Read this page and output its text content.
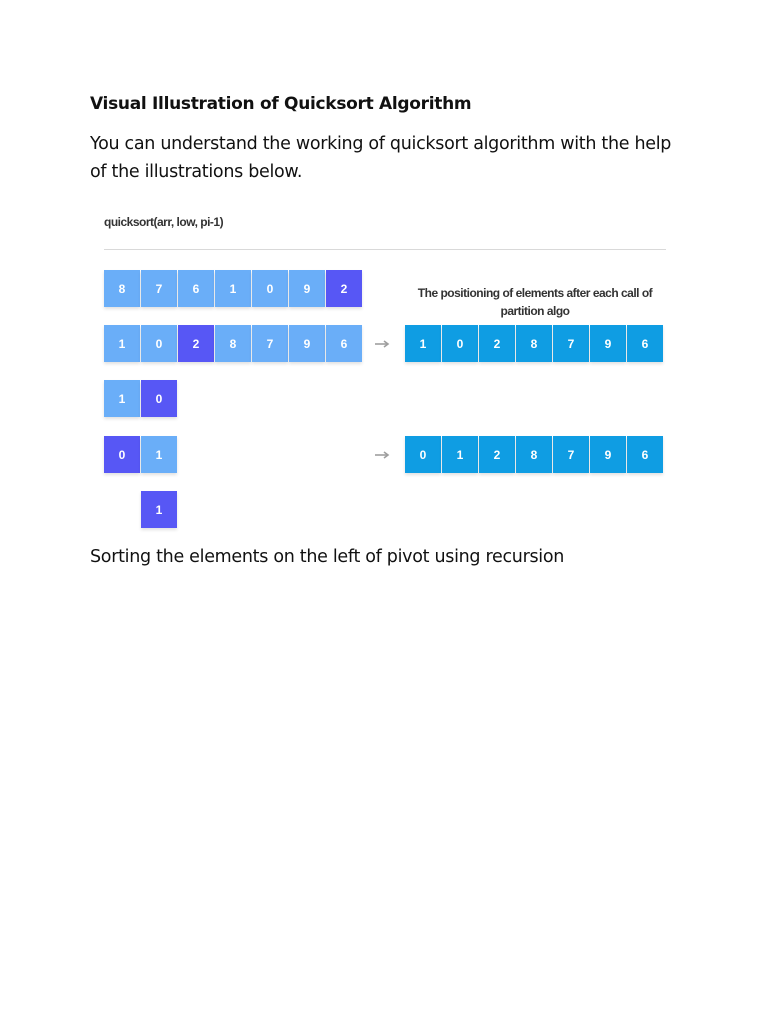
Visual Illustration of Quicksort Algorithm
You can understand the working of quicksort algorithm with the help of the illustrations below.
quicksort(arr, low, pi-1)
The positioning of elements after each call of partition algo
8	7	6	1	0	9	2
1	0	2	8	7	9	6	1	0	2	8	7	9	6
1	0
0	1	0	1	2	8	7	9	6
1
Sorting the elements on the left of pivot using recursion
